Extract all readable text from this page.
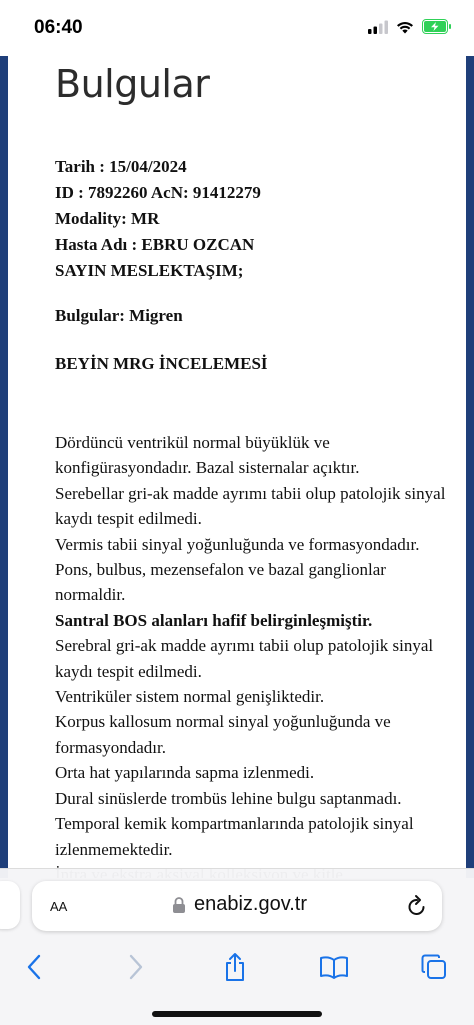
06:40
Bulgular
Tarih : 15/04/2024
ID : 7892260 AcN: 91412279
Modality: MR
Hasta Adı : EBRU OZCAN
SAYIN MESLEKTAŞIM;
Bulgular: Migren
BEYİN MRG İNCELEMESİ

Dördüncü ventrikül normal büyüklük ve konfigürasyondadır. Bazal sisternalar açıktır.

Serebellar gri-ak madde ayrımı tabii olup patolojik sinyal kaydı tespit edilmedi.

Vermis tabii sinyal yoğunluğunda ve formasyondadır.

Pons, bulbus, mezensefalon ve bazal ganglionlar normaldir.

Santral BOS alanları hafif belirginleşmiştir.

Serebral gri-ak madde ayrımı tabii olup patolojik sinyal kaydı tespit edilmedi.

Ventriküler sistem normal genişliktedir.

Korpus kallosum normal sinyal yoğunluğunda ve formasyondadır.

Orta hat yapılarında sapma izlenmedi.

Dural sinüslerde trombüs lehine bulgu saptanmadı.

Temporal kemik kompartmanlarında patolojik sinyal izlenmemektedir.

AA	enabiz.gov.tr
